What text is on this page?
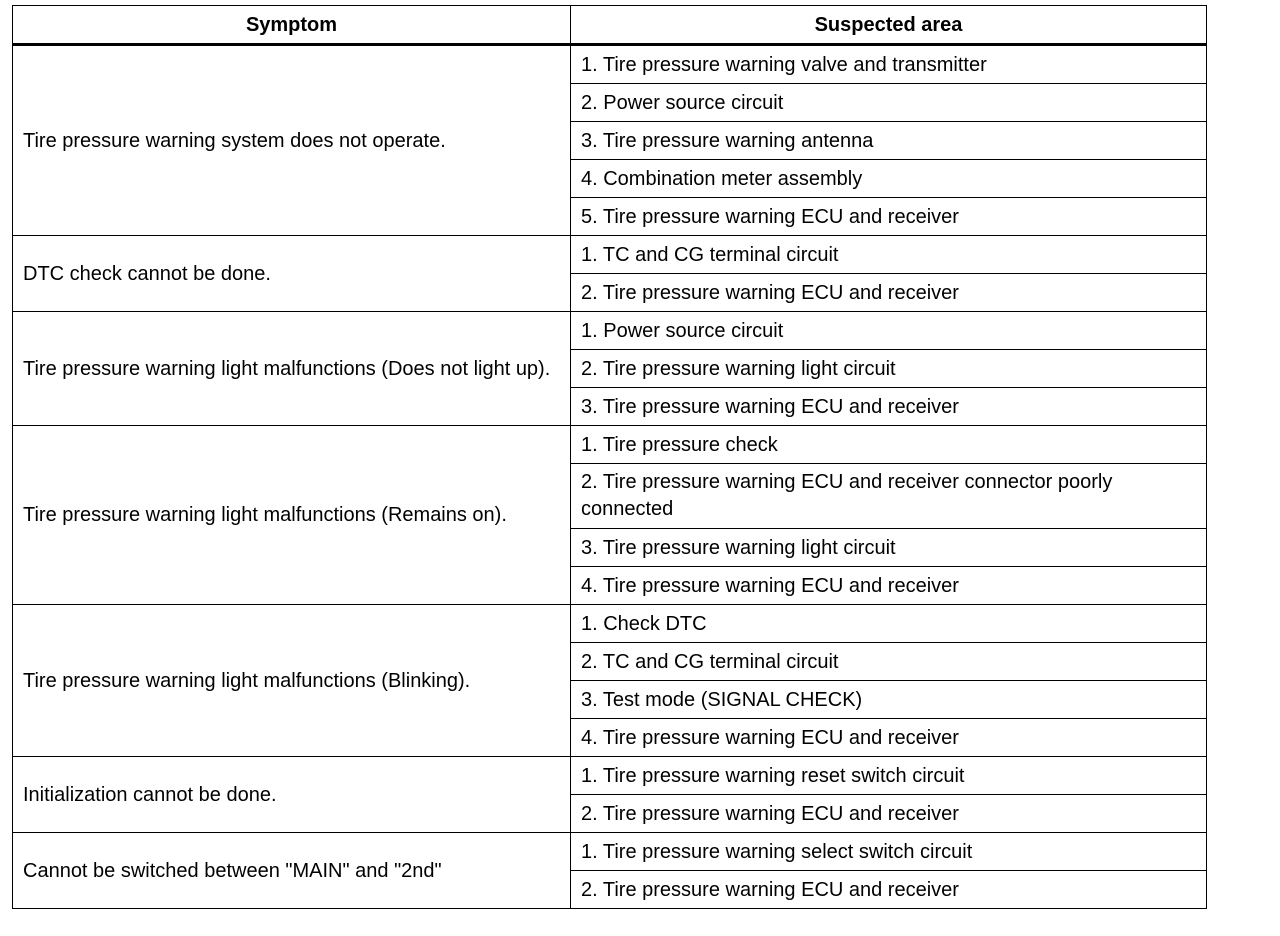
Symptom	Suspected area
Tire pressure warning system does not operate.	1. Tire pressure warning valve and transmitter
	2. Power source circuit
	3. Tire pressure warning antenna
	4. Combination meter assembly
	5. Tire pressure warning ECU and receiver
DTC check cannot be done.	1. TC and CG terminal circuit
	2. Tire pressure warning ECU and receiver
Tire pressure warning light malfunctions (Does not light up).	1. Power source circuit
	2. Tire pressure warning light circuit
	3. Tire pressure warning ECU and receiver
Tire pressure warning light malfunctions (Remains on).	1. Tire pressure check
	2. Tire pressure warning ECU and receiver connector poorly connected
	3. Tire pressure warning light circuit
	4. Tire pressure warning ECU and receiver
Tire pressure warning light malfunctions (Blinking).	1. Check DTC
	2. TC and CG terminal circuit
	3. Test mode (SIGNAL CHECK)
	4. Tire pressure warning ECU and receiver
Initialization cannot be done.	1. Tire pressure warning reset switch circuit
	2. Tire pressure warning ECU and receiver
Cannot be switched between "MAIN" and "2nd"	1. Tire pressure warning select switch circuit
	2. Tire pressure warning ECU and receiver
